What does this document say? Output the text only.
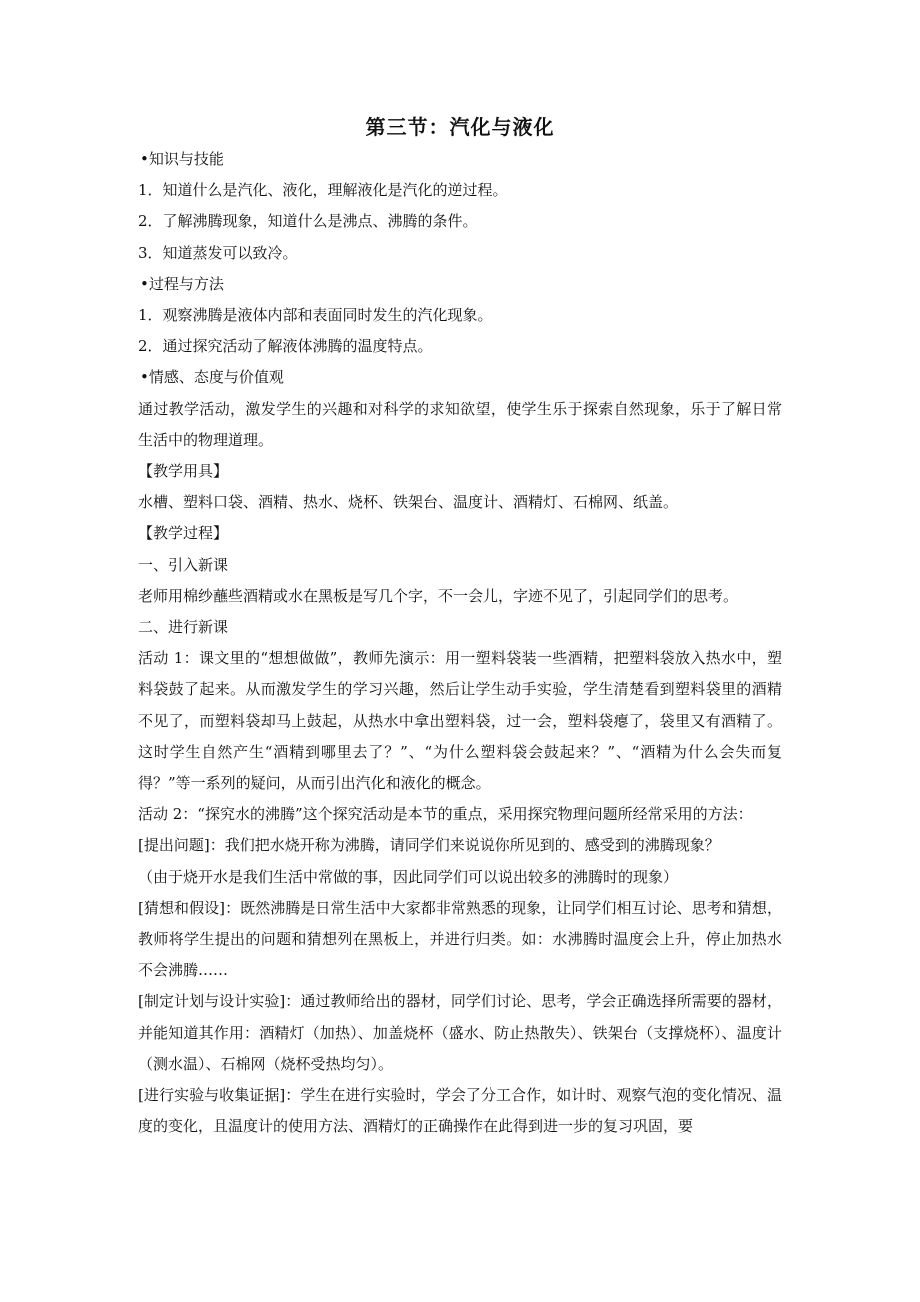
第三节：汽化与液化

•知识与技能

1．知道什么是汽化、液化，理解液化是汽化的逆过程。

2．了解沸腾现象，知道什么是沸点、沸腾的条件。

3．知道蒸发可以致冷。

•过程与方法

1．观察沸腾是液体内部和表面同时发生的汽化现象。

2．通过探究活动了解液体沸腾的温度特点。

•情感、态度与价值观

通过教学活动，激发学生的兴趣和对科学的求知欲望，使学生乐于探索自然现象，乐于了解日常生活中的物理道理。

【教学用具】

水槽、塑料口袋、酒精、热水、烧杯、铁架台、温度计、酒精灯、石棉网、纸盖。

【教学过程】

一、引入新课

老师用棉纱蘸些酒精或水在黑板是写几个字，不一会儿，字迹不见了，引起同学们的思考。

二、进行新课

活动 1：课文里的“想想做做”，教师先演示：用一塑料袋装一些酒精，把塑料袋放入热水中，塑料袋鼓了起来。从而激发学生的学习兴趣，然后让学生动手实验，学生清楚看到塑料袋里的酒精不见了，而塑料袋却马上鼓起，从热水中拿出塑料袋，过一会，塑料袋瘪了，袋里又有酒精了。这时学生自然产生“酒精到哪里去了？”、“为什么塑料袋会鼓起来？”、“酒精为什么会失而复得？”等一系列的疑问，从而引出汽化和液化的概念。

活动 2：“探究水的沸腾”这个探究活动是本节的重点，采用探究物理问题所经常采用的方法：

[提出问题]：我们把水烧开称为沸腾，请同学们来说说你所见到的、感受到的沸腾现象？

（由于烧开水是我们生活中常做的事，因此同学们可以说出较多的沸腾时的现象）

[猜想和假设]：既然沸腾是日常生活中大家都非常熟悉的现象，让同学们相互讨论、思考和猜想，教师将学生提出的问题和猜想列在黑板上，并进行归类。如：水沸腾时温度会上升，停止加热水不会沸腾……

[制定计划与设计实验]：通过教师给出的器材，同学们讨论、思考，学会正确选择所需要的器材，并能知道其作用：酒精灯（加热）、加盖烧杯（盛水、防止热散失）、铁架台（支撑烧杯）、温度计（测水温）、石棉网（烧杯受热均匀）。

[进行实验与收集证据]：学生在进行实验时，学会了分工合作，如计时、观察气泡的变化情况、温度的变化，且温度计的使用方法、酒精灯的正确操作在此得到进一步的复习巩固，要
